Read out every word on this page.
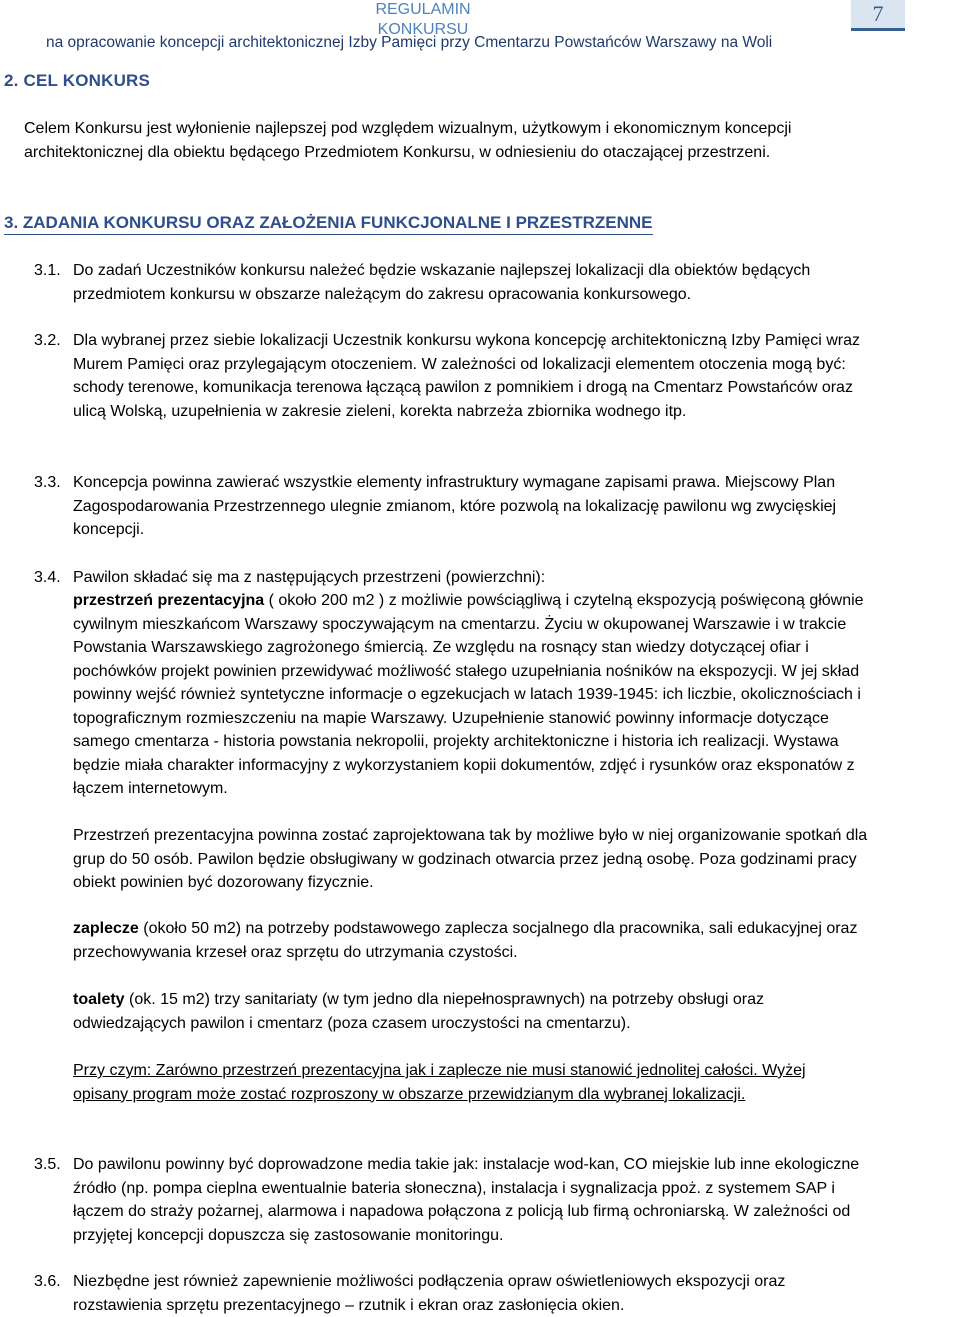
REGULAMIN KONKURSU
na opracowanie koncepcji architektonicznej Izby Pamięci przy Cmentarzu Powstańców Warszawy na Woli
7
2. CEL KONKURS
Celem Konkursu jest wyłonienie najlepszej pod względem wizualnym, użytkowym i ekonomicznym koncepcji architektonicznej dla obiektu będącego Przedmiotem Konkursu, w odniesieniu do otaczającej przestrzeni.
3. ZADANIA KONKURSU ORAZ ZAŁOŻENIA FUNKCJONALNE I PRZESTRZENNE
3.1. Do zadań Uczestników konkursu należeć będzie wskazanie najlepszej lokalizacji dla obiektów będących przedmiotem konkursu w obszarze należącym do zakresu opracowania konkursowego.
3.2. Dla wybranej przez siebie lokalizacji Uczestnik konkursu wykona koncepcję architektoniczną Izby Pamięci wraz Murem Pamięci oraz przylegającym otoczeniem. W zależności od lokalizacji elementem otoczenia mogą być: schody terenowe, komunikacja terenowa łączącą pawilon z pomnikiem i drogą na Cmentarz Powstańców oraz ulicą Wolską, uzupełnienia w zakresie zieleni, korekta nabrzeża zbiornika wodnego itp.
3.3. Koncepcja powinna zawierać wszystkie elementy infrastruktury wymagane zapisami prawa. Miejscowy Plan Zagospodarowania Przestrzennego ulegnie zmianom, które pozwolą na lokalizację pawilonu wg zwycięskiej koncepcji.
3.4. Pawilon składać się ma z następujących przestrzeni (powierzchni):
przestrzeń prezentacyjna ( około 200 m2 ) z możliwie powściągliwą i czytelną ekspozycją poświęconą głównie cywilnym mieszkańcom Warszawy spoczywającym na cmentarzu. Życiu w okupowanej Warszawie i w trakcie Powstania Warszawskiego zagrożonego śmiercią. Ze względu na rosnący stan wiedzy dotyczącej ofiar i pochówków projekt powinien przewidywać możliwość stałego uzupełniania nośników na ekspozycji. W jej skład powinny wejść również syntetyczne informacje o egzekucjach w latach 1939-1945: ich liczbie, okolicznościach i topograficznym rozmieszczeniu na mapie Warszawy. Uzupełnienie stanowić powinny informacje dotyczące samego cmentarza - historia powstania nekropolii, projekty architektoniczne i historia ich realizacji. Wystawa będzie miała charakter informacyjny z wykorzystaniem kopii dokumentów, zdjęć i rysunków oraz eksponatów z łączem internetowym.
Przestrzeń prezentacyjna powinna zostać zaprojektowana tak by możliwe było w niej organizowanie spotkań dla grup do 50 osób. Pawilon będzie obsługiwany w godzinach otwarcia przez jedną osobę. Poza godzinami pracy obiekt powinien być dozorowany fizycznie.
zaplecze (około 50 m2) na potrzeby podstawowego zaplecza socjalnego dla pracownika, sali edukacyjnej oraz przechowywania krzeseł oraz sprzętu do utrzymania czystości.
toalety (ok. 15 m2) trzy sanitariaty (w tym jedno dla niepełnosprawnych) na potrzeby obsługi oraz odwiedzających pawilon i cmentarz (poza czasem uroczystości na cmentarzu).
Przy czym: Zarówno przestrzeń prezentacyjna jak i zaplecze nie musi stanowić jednolitej całości. Wyżej opisany program może zostać rozproszony w obszarze przewidzianym dla wybranej lokalizacji.
3.5. Do pawilonu powinny być doprowadzone media takie jak: instalacje wod-kan, CO miejskie lub inne ekologiczne źródło (np. pompa cieplna ewentualnie bateria słoneczna), instalacja i sygnalizacja ppoż. z systemem SAP i łączem do straży pożarnej, alarmowa i napadowa połączona z policją lub firmą ochroniarską. W zależności od przyjętej koncepcji dopuszcza się zastosowanie monitoringu.
3.6. Niezbędne jest również zapewnienie możliwości podłączenia opraw oświetleniowych ekspozycji oraz rozstawienia sprzętu prezentacyjnego – rzutnik i ekran oraz zasłonięcia okien.
